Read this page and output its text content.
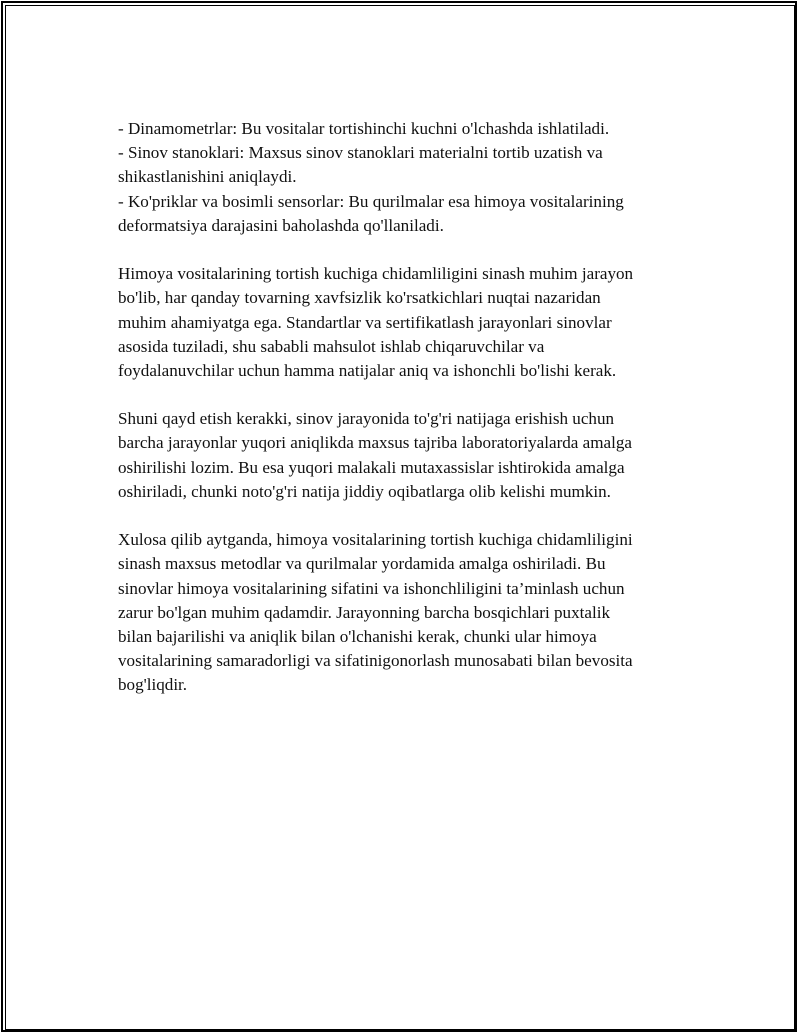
- Dinamometrlar: Bu vositalar tortishinchi kuchni o'lchashda ishlatiladi.
- Sinov stanoklari: Maxsus sinov stanoklari materialni tortib uzatish va
shikastlanishini aniqlaydi.
- Ko'priklar va bosimli sensorlar: Bu qurilmalar esa himoya vositalarining
deformatsiya darajasini baholashda qo'llaniladi.
Himoya vositalarining tortish kuchiga chidamliligini sinash muhim jarayon
bo'lib, har qanday tovarning xavfsizlik ko'rsatkichlari nuqtai nazaridan
muhim ahamiyatga ega. Standartlar va sertifikatlash jarayonlari sinovlar
asosida tuziladi, shu sababli mahsulot ishlab chiqaruvchilar va
foydalanuvchilar uchun hamma natijalar aniq va ishonchli bo'lishi kerak.
Shuni qayd etish kerakki, sinov jarayonida to'g'ri natijaga erishish uchun
barcha jarayonlar yuqori aniqlikda maxsus tajriba laboratoriyalarda amalga
oshirilishi lozim. Bu esa yuqori malakali mutaxassislar ishtirokida amalga
oshiriladi, chunki noto'g'ri natija jiddiy oqibatlarga olib kelishi mumkin.
Xulosa qilib aytganda, himoya vositalarining tortish kuchiga chidamliligini
sinash maxsus metodlar va qurilmalar yordamida amalga oshiriladi. Bu
sinovlar himoya vositalarining sifatini va ishonchliligini ta’minlash uchun
zarur bo'lgan muhim qadamdir. Jarayonning barcha bosqichlari puxtalik
bilan bajarilishi va aniqlik bilan o'lchanishi kerak, chunki ular himoya
vositalarining samaradorligi va sifatinigonorlash munosabati bilan bevosita
bog'liqdir.
